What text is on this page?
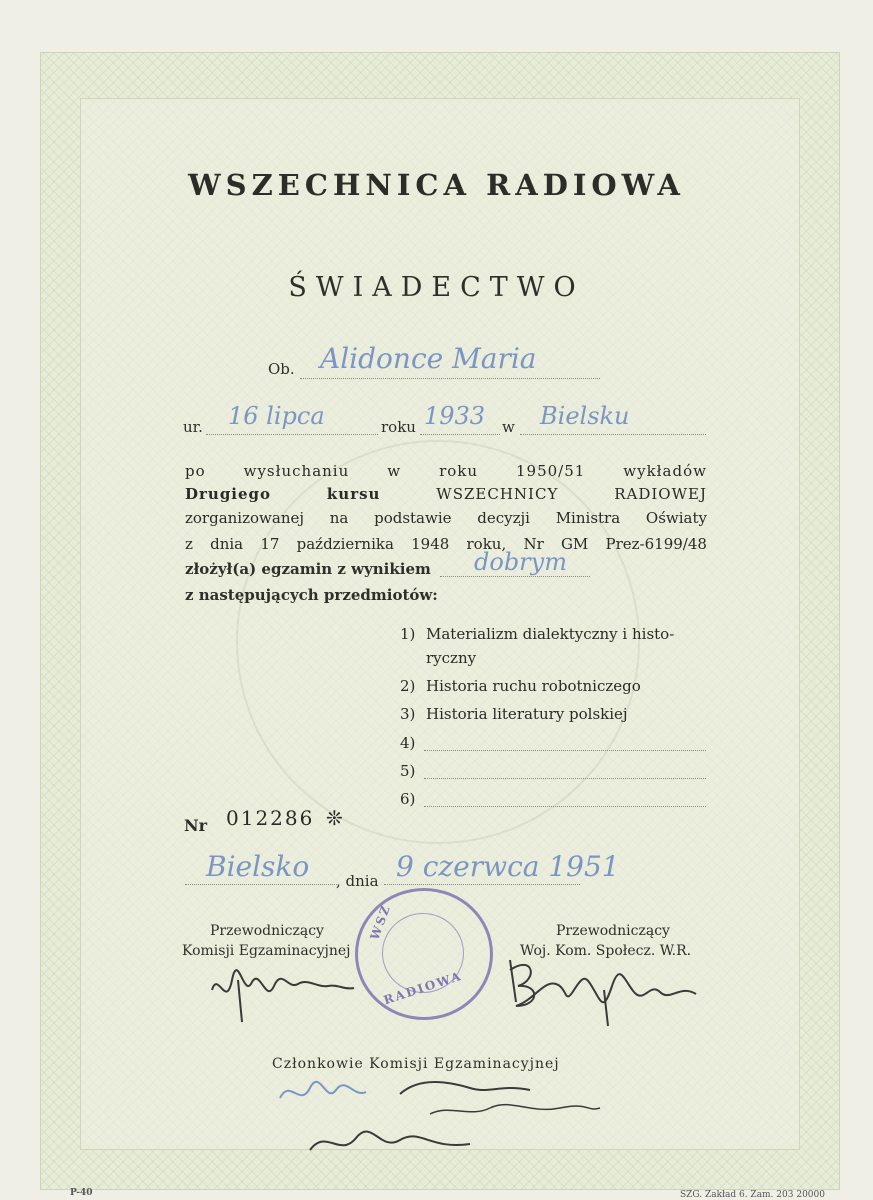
WSZECHNICA RADIOWA
ŚWIADECTWO
Ob. Alidonce Maria
ur. 16 lipca	roku 1933 w Bielsku
po	wysłuchaniu	w	roku	1950/51	wykładów
Drugiego	kursu	WSZECHNICY	RADIOWEJ
zorganizowanej na podstawie decyzji Ministra Oświaty
z dnia 17 października 1948 roku, Nr GM Prez-6199/48
złożył(a) egzamin z wynikiem dobrym
z następujących przedmiotów:
1) Materializm dialektyczny i histo-
ryczny
2) Historia ruchu robotniczego
3) Historia literatury polskiej
4)
5)
6)
Nr 012286 ❊
Bielsko , dnia 9 czerwca 1951
Przewodniczący
Komisji Egzaminacyjnej
Przewodniczący
Woj. Kom. Społecz. W.R.
WSZ
RADIOWA
Członkowie Komisji Egzaminacyjnej
P-40	SZG. Zakład 6. Zam. 203 20000
